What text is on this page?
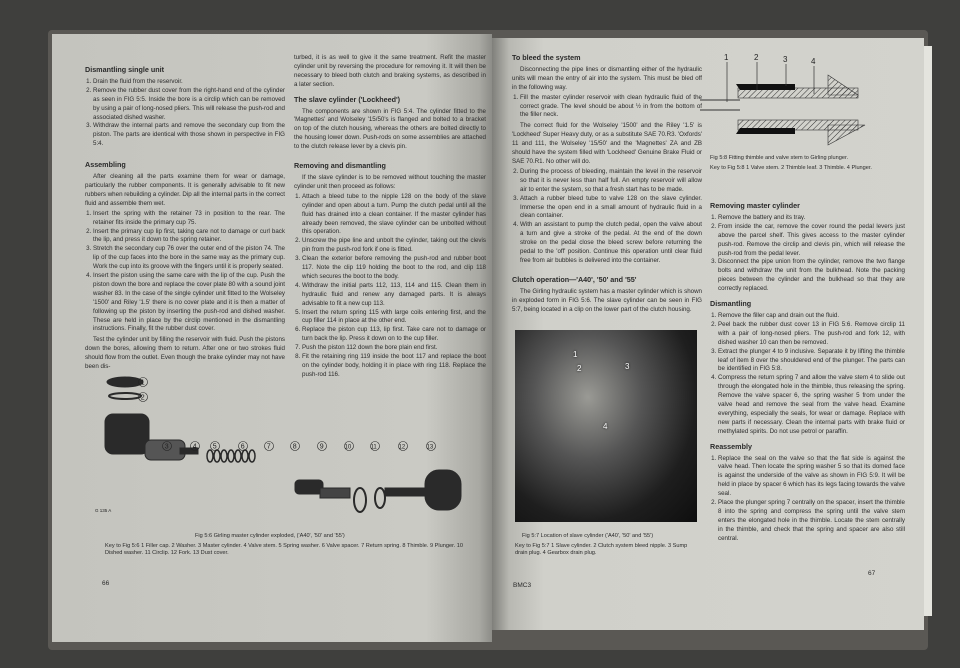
Dismantling single unit
1. Drain the fluid from the reservoir.
2. Remove the rubber dust cover from the right-hand end of the cylinder as seen in FIG 5:5. Inside the bore is a circlip which can be removed by using a pair of long-nosed pliers. This will release the push-rod and associated dished washer.
3. Withdraw the internal parts and remove the secondary cup from the piston. The parts are identical with those shown in perspective in FIG 5:4.
Assembling

After cleaning all the parts examine them for wear or damage, particularly the rubber components. It is generally advisable to fit new rubbers when rebuilding a cylinder. Dip all the internal parts in the correct fluid and assemble them wet.

1. Insert the spring with the retainer 73 in position to the rear. The retainer fits inside the primary cup 75.
2. Insert the primary cup lip first, taking care not to damage or curl back the lip, and press it down to the spring retainer.
3. Stretch the secondary cup 76 over the outer end of the piston 74. The lip of the cup faces into the bore in the same way as the primary cup. Work the cup into its groove with the fingers until it is properly seated.
4. Insert the piston using the same care with the lip of the cup. Push the piston down the bore and replace the cover plate 80 with a sound joint washer 83. In the case of the single cylinder unit fitted to the Wolseley '1500' and Riley '1.5' there is no cover plate and it is then a matter of following up the piston by inserting the push-rod and dished washer. These are held in place by the circlip mentioned in the dismantling instructions. Finally, fit the rubber dust cover.

Test the cylinder unit by filling the reservoir with fluid. Push the pistons down the bores, allowing them to return. After one or two strokes fluid should flow from the outlet. Even though the brake cylinder may not have been dis-

turbed, it is as well to give it the same treatment. Refit the master cylinder unit by reversing the procedure for removing it. It will then be necessary to bleed both clutch and braking systems, as described in a later section.

The slave cylinder ('Lockheed')

The components are shown in FIG 5:4. The cylinder fitted to the 'Magnettes' and Wolseley '15/50's is flanged and bolted to a bracket on top of the clutch housing, whereas the others are bolted directly to the housing lower down. Push-rods on some assemblies are attached to the clutch release lever by a clevis pin.

Removing and dismantling

If the slave cylinder is to be removed without touching the master cylinder unit then proceed as follows:

1. Attach a bleed tube to the nipple 128 on the body of the slave cylinder and open about a turn. Pump the clutch pedal until all the fluid has drained into a clean container. If the master cylinder has already been removed, the slave cylinder can be unbolted without this operation.
2. Unscrew the pipe line and unbolt the cylinder, taking out the clevis pin from the push-rod fork if one is fitted.
3. Clean the exterior before removing the push-rod and rubber boot 117. Note the clip 119 holding the boot to the rod, and clip 118 which secures the boot to the body.
4. Withdraw the initial parts 112, 113, 114 and 115. Clean them in hydraulic fluid and renew any damaged parts. It is always advisable to fit a new cup 113.
5. Insert the return spring 115 with large coils entering first, and the cup filler 114 in place at the other end.
6. Replace the piston cup 113, lip first. Take care not to damage or turn back the lip. Press it down on to the cup filler.
7. Push the piston 112 down the bore plain end first.
8. Fit the retaining ring 119 inside the boot 117 and replace the boot on the cylinder body, holding it in place with ring 118. Replace the push-rod 116.
1
2
3	4 5	6	7	8	9	10	11	12	13
G 135 A
Fig 5:6 Girling master cylinder exploded, ('A40', '50' and '55')
Key to Fig 5:6 1 Filler cap. 2 Washer. 3 Master cylinder. 4 Valve stem. 5 Spring washer. 6 Valve spacer. 7 Return spring. 8 Thimble. 9 Plunger. 10 Dished washer. 11 Circlip. 12 Fork. 13 Dust cover.
66
To bleed the system

Disconnecting the pipe lines or dismantling either of the hydraulic units will mean the entry of air into the system. This must be bled off in the following way.

1. Fill the master cylinder reservoir with clean hydraulic fluid of the correct grade. The level should be about ½ in from the bottom of the filler neck.

The correct fluid for the Wolseley '1500' and the Riley '1.5' is 'Lockheed' Super Heavy duty, or as a substitute SAE 70.R3. 'Oxfords' 11 and 111, the Wolseley '15/50' and the 'Magnettes' ZA and ZB should have the system filled with 'Lockheed' Genuine Brake Fluid or SAE 70.R1. No other will do.

2. During the process of bleeding, maintain the level in the reservoir so that it is never less than half full. An empty reservoir will allow air to enter the system, so that a fresh start has to be made.
3. Attach a rubber bleed tube to valve 128 on the slave cylinder. Immerse the open end in a small amount of hydraulic fluid in a clean container.
4. With an assistant to pump the clutch pedal, open the valve about a turn and give a stroke of the pedal. At the end of the down stroke on the pedal close the bleed screw before returning the pedal to the 'off' position. Continue this operation until clear fluid free from air bubbles is delivered into the container.
Clutch operation—'A40', '50' and '55'

The Girling hydraulic system has a master cylinder which is shown in exploded form in FIG 5:6. The slave cylinder can be seen in FIG 5:7, being located in a clip on the lower part of the clutch housing.

1
2	3
4
Fig 5:7 Location of slave cylinder ('A40', '50' and '55')
Key to Fig 5:7 1 Slave cylinder. 2 Clutch system bleed nipple. 3 Sump drain plug. 4 Gearbox drain plug.
BMC3
67
1	2	3	4
Fig 5:8 Fitting thimble and valve stem to Girling plunger.
Key to Fig 5:8 1 Valve stem. 2 Thimble leaf. 3 Thimble. 4 Plunger.
Removing master cylinder
1. Remove the battery and its tray.
2. From inside the car, remove the cover round the pedal levers just above the parcel shelf. This gives access to the master cylinder push-rod. Remove the circlip and clevis pin, which will release the push-rod from the pedal lever.
3. Disconnect the pipe union from the cylinder, remove the two flange bolts and withdraw the unit from the bulkhead. Note the packing pieces between the cylinder and the bulkhead so that they are correctly replaced.
Dismantling
1. Remove the filler cap and drain out the fluid.
2. Peel back the rubber dust cover 13 in FIG 5:6. Remove circlip 11 with a pair of long-nosed pliers. The push-rod and fork 12, with dished washer 10 can then be removed.
3. Extract the plunger 4 to 9 inclusive. Separate it by lifting the thimble leaf of item 8 over the shouldered end of the plunger. The parts can be identified in FIG 5:8.
4. Compress the return spring 7 and allow the valve stem 4 to slide out through the elongated hole in the thimble, thus releasing the spring. Remove the valve spacer 6, the spring washer 5 from under the valve head and remove the seal from the valve head. Examine everything, especially the seals, for wear or damage. Replace with new parts if necessary. Clean the internal parts with brake fluid or methylated spirits. Do not use petrol or paraffin.
Reassembly
1. Replace the seal on the valve so that the flat side is against the valve head. Then locate the spring washer 5 so that its domed face is against the underside of the valve as shown in FIG 5:9. It will be held in place by spacer 6 which has its legs facing towards the valve seal.
2. Place the plunger spring 7 centrally on the spacer, insert the thimble 8 into the spring and compress the spring until the valve stem enters the elongated hole in the thimble. Locate the stem centrally in the thimble, and check that the spring and spacer are also still central.
